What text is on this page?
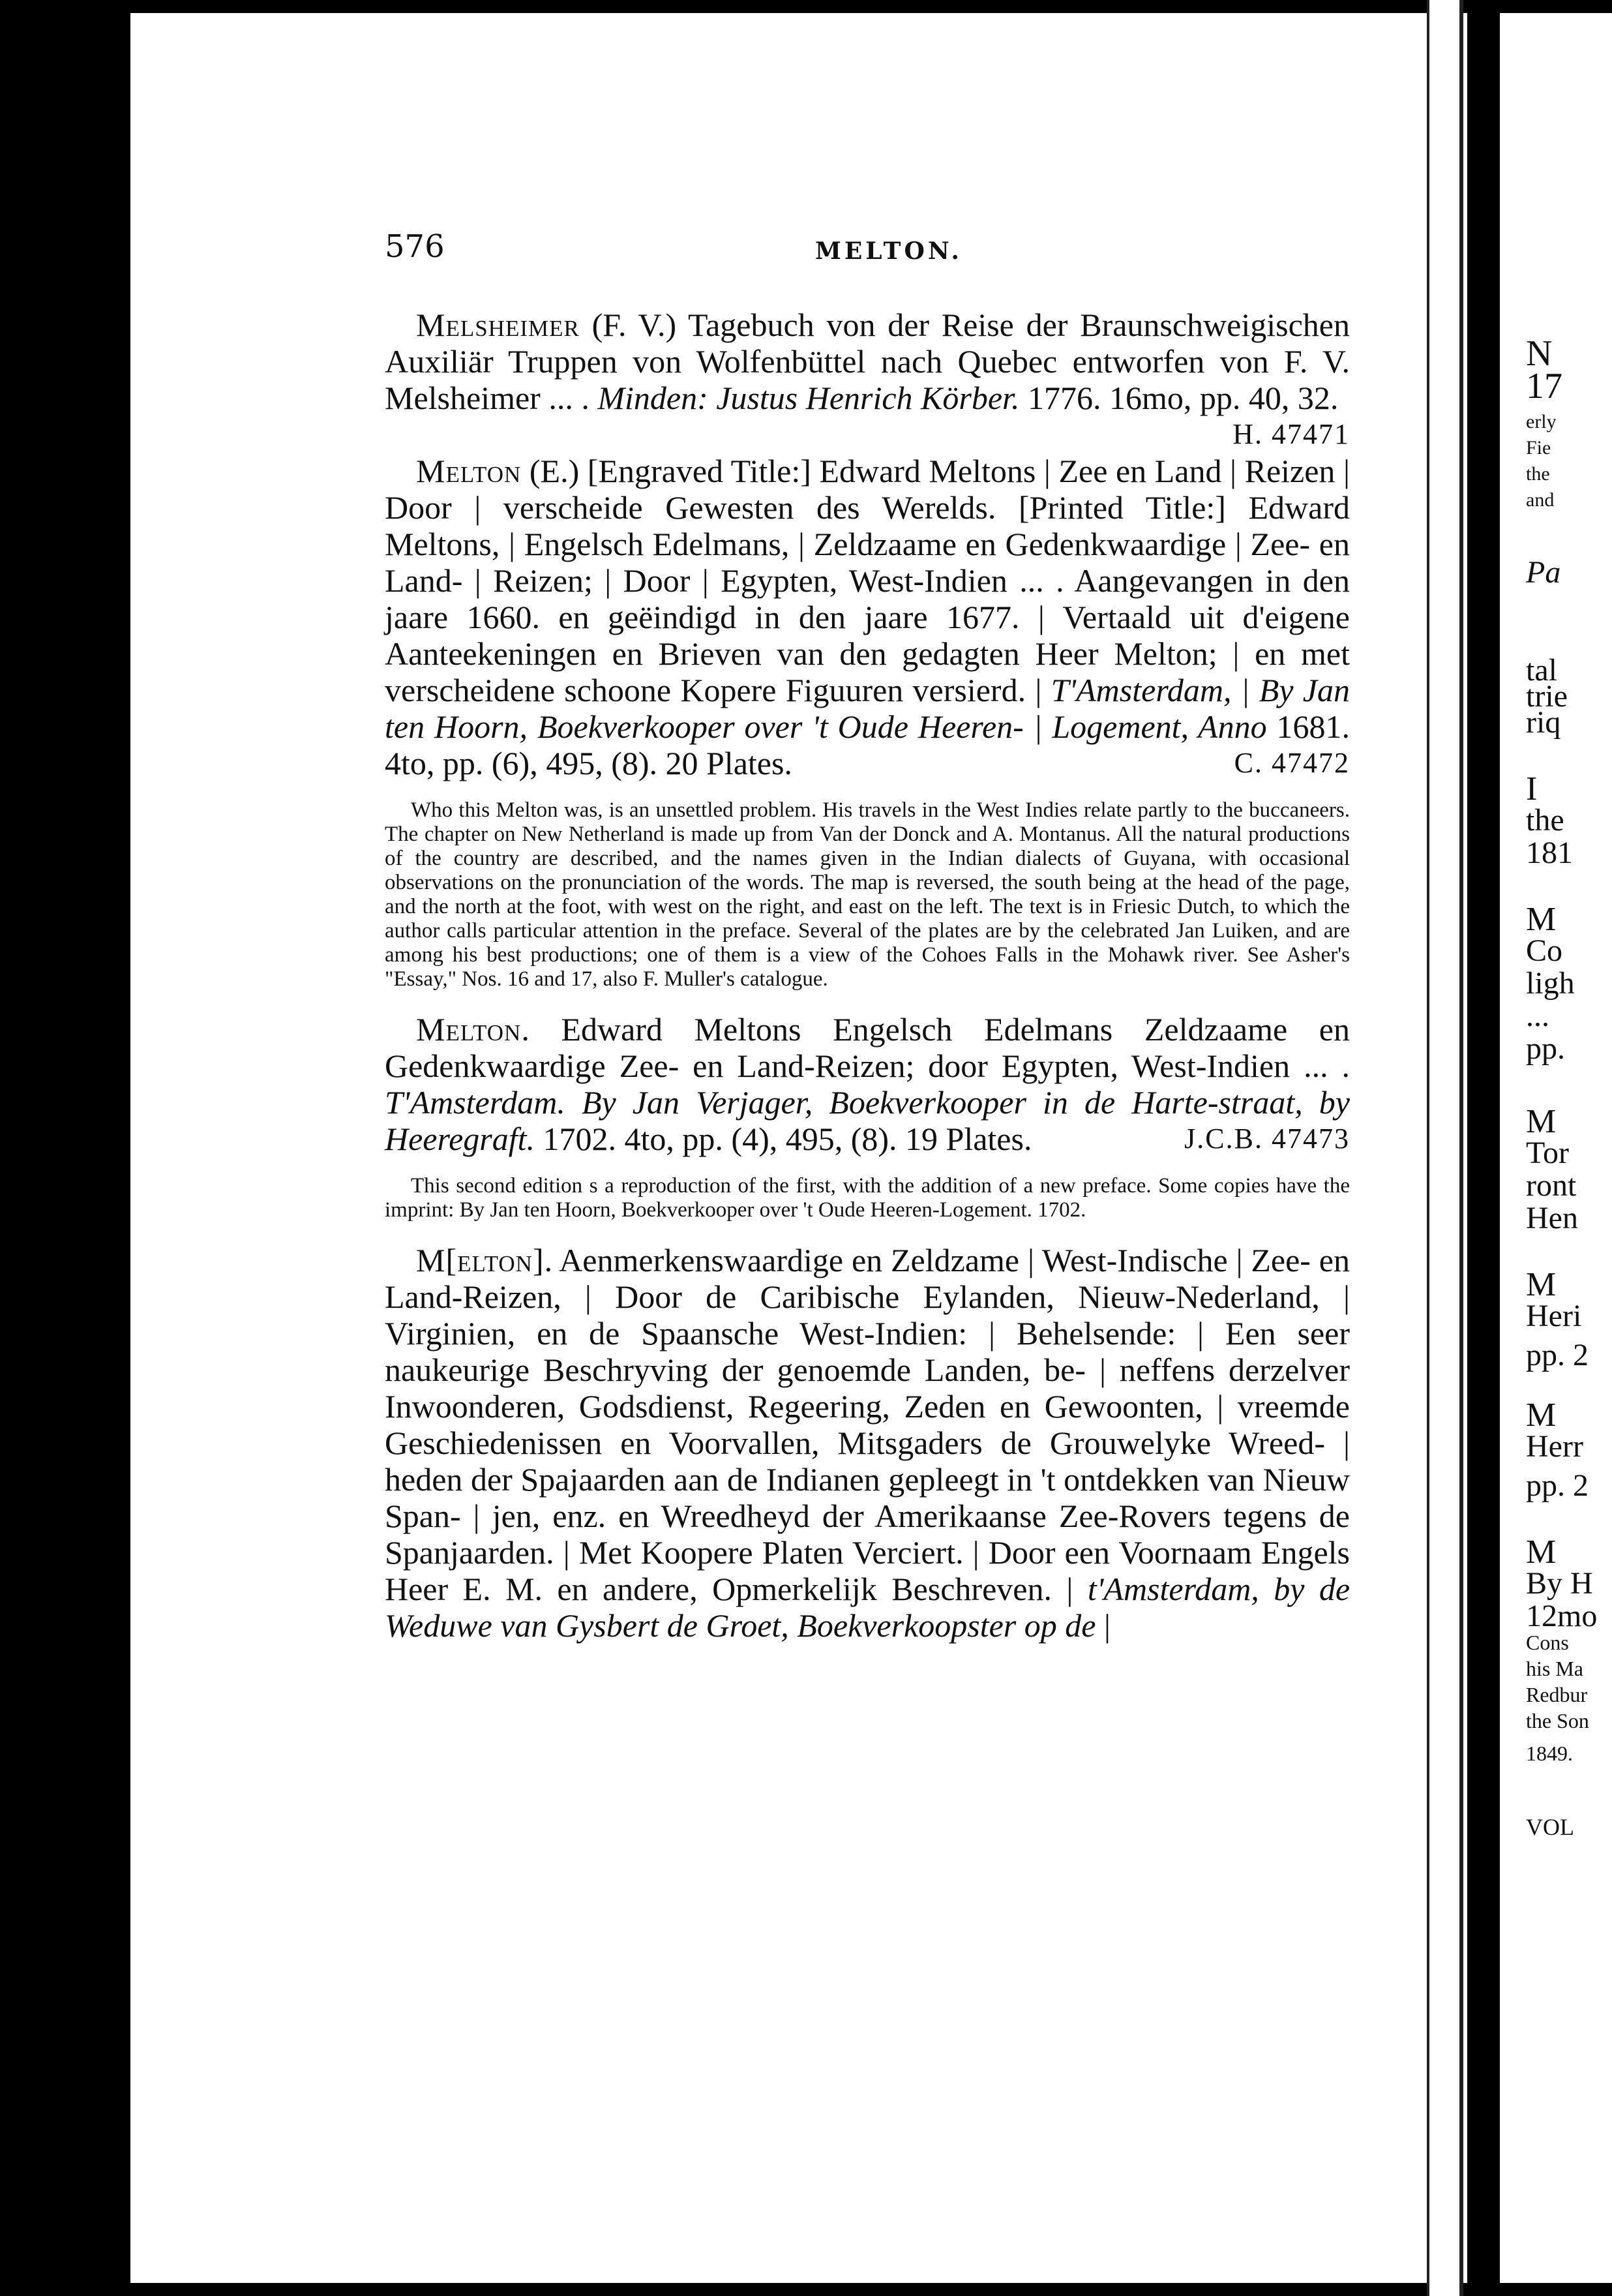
N
17
erly
Fie
the
and
Pa
tal
trie
riq
I
the
181
M
Co
ligh
...
pp.
M
Tor
ront
Hen
M
Heri
pp. 2
M
Herr
pp. 2
M
By H
12mo
Cons
his Ma
Redbur
the Son
1849.
VOL
576	MELTON.

Melsheimer (F. V.) Tagebuch von der Reise der Braunschweigischen Auxiliär Truppen von Wolfenbüttel nach Quebec entworfen von F. V. Melsheimer ... . Minden: Justus Henrich Körber. 1776. 16mo, pp. 40, 32.
H. 47471

Melton (E.) [Engraved Title:] Edward Meltons | Zee en Land | Reizen | Door | verscheide Gewesten des Werelds. [Printed Title:] Edward Meltons, | Engelsch Edelmans, | Zeldzaame en Gedenkwaardige | Zee- en Land- | Reizen; | Door | Egypten, West-Indien ... . Aangevangen in den jaare 1660. en geëindigd in den jaare 1677. | Vertaald uit d'eigene Aanteekeningen en Brieven van den gedagten Heer Melton; | en met verscheidene schoone Kopere Figuuren versierd. | T'Amsterdam, | By Jan ten Hoorn, Boekverkooper over 't Oude Heeren- | Logement, Anno 1681. 4to, pp. (6), 495, (8). 20 Plates.	C. 47472

Who this Melton was, is an unsettled problem. His travels in the West Indies relate partly to the buccaneers. The chapter on New Netherland is made up from Van der Donck and A. Montanus. All the natural productions of the country are described, and the names given in the Indian dialects of Guyana, with occasional observations on the pronunciation of the words. The map is reversed, the south being at the head of the page, and the north at the foot, with west on the right, and east on the left. The text is in Friesic Dutch, to which the author calls particular attention in the preface. Several of the plates are by the celebrated Jan Luiken, and are among his best productions; one of them is a view of the Cohoes Falls in the Mohawk river. See Asher's "Essay," Nos. 16 and 17, also F. Muller's catalogue.

Melton. Edward Meltons Engelsch Edelmans Zeldzaame en Gedenkwaardige Zee- en Land-Reizen; door Egypten, West-Indien ... . T'Amsterdam. By Jan Verjager, Boekverkooper in de Harte-straat, by Heeregraft. 1702. 4to, pp. (4), 495, (8). 19 Plates.	J.C.B. 47473

This second edition s a reproduction of the first, with the addition of a new preface. Some copies have the imprint: By Jan ten Hoorn, Boekverkooper over 't Oude Heeren-Logement. 1702.

M[elton]. Aenmerkenswaardige en Zeldzame | West-Indische | Zee- en Land-Reizen, | Door de Caribische Eylanden, Nieuw-Nederland, | Virginien, en de Spaansche West-Indien: | Behelsende: | Een seer naukeurige Beschryving der genoemde Landen, be- | neffens derzelver Inwoonderen, Godsdienst, Regeering, Zeden en Gewoonten, | vreemde Geschiedenissen en Voorvallen, Mitsgaders de Grouwelyke Wreed- | heden der Spajaarden aan de Indianen gepleegt in 't ontdekken van Nieuw Span- | jen, enz. en Wreedheyd der Amerikaanse Zee-Rovers tegens de Spanjaarden. | Met Koopere Platen Verciert. | Door een Voornaam Engels Heer E. M. en andere, Opmerkelijk Beschreven. | t'Amsterdam, by de Weduwe van Gysbert de Groet, Boekverkoopster op de |
